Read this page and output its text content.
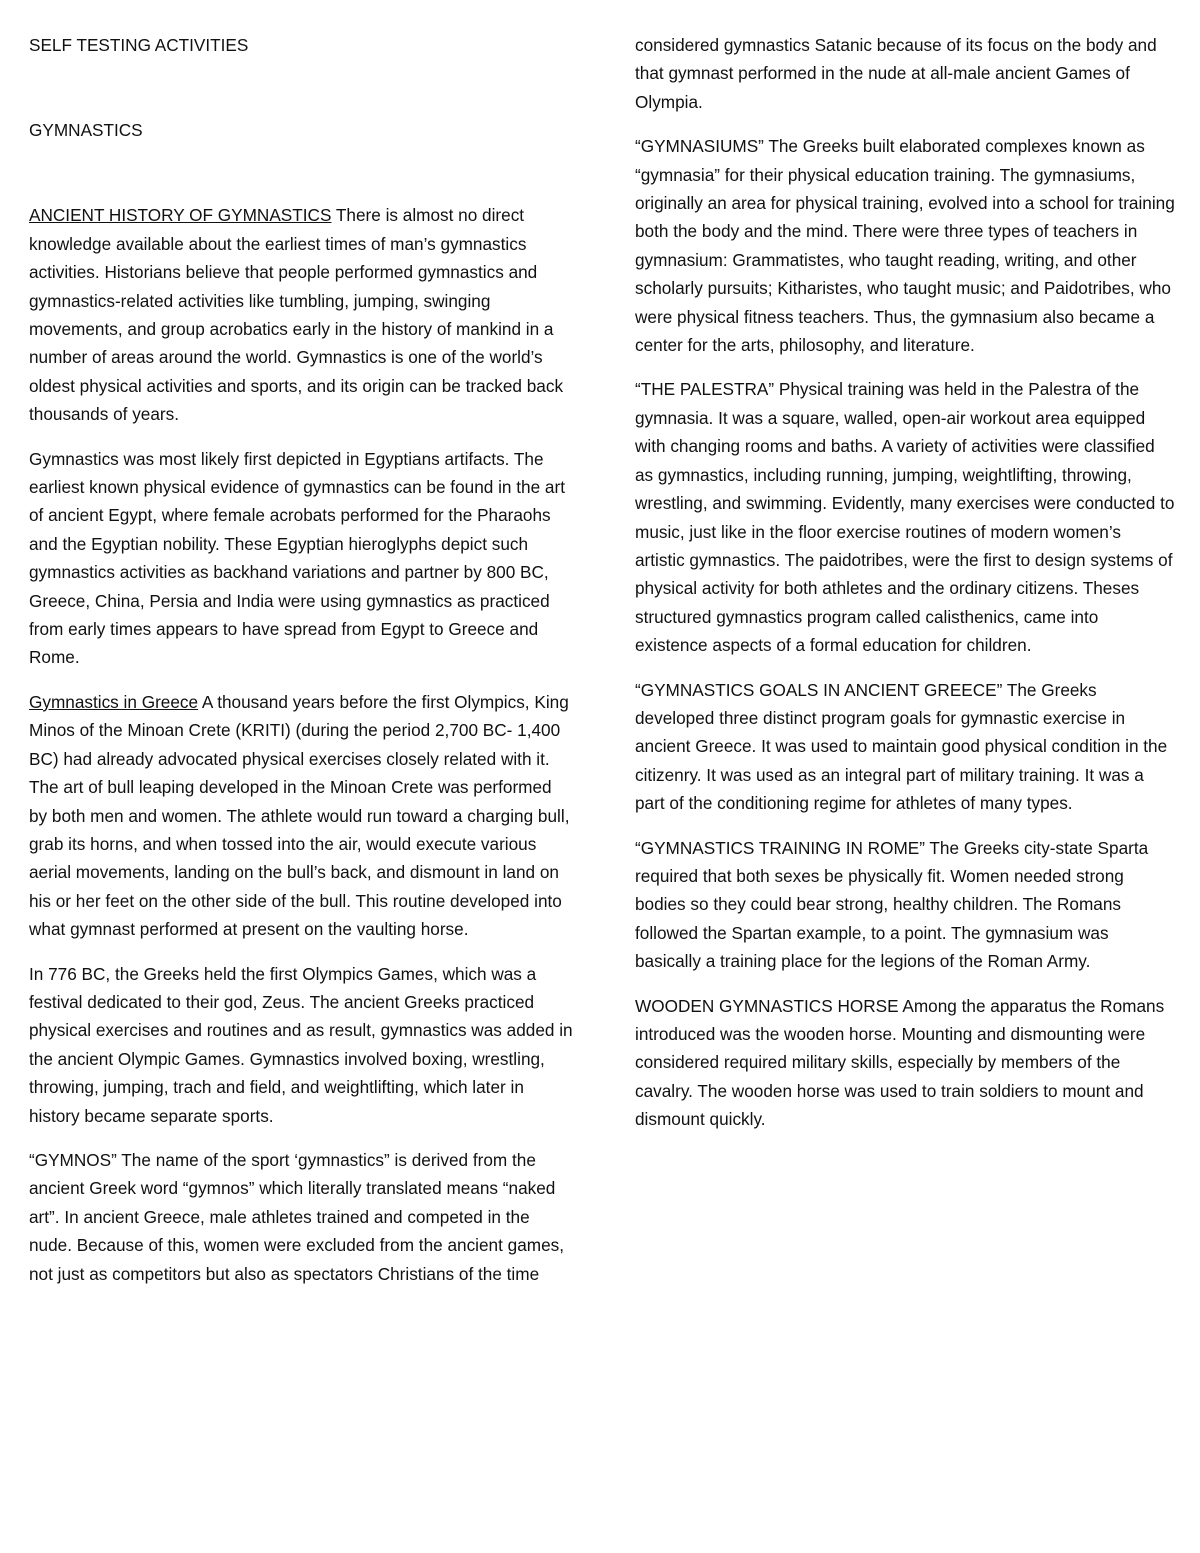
SELF TESTING ACTIVITIES
GYMNASTICS

ANCIENT HISTORY OF GYMNASTICS There is almost no direct knowledge available about the earliest times of man’s gymnastics activities. Historians believe that people performed gymnastics and gymnastics-related activities like tumbling, jumping, swinging movements, and group acrobatics early in the history of mankind in a number of areas around the world. Gymnastics is one of the world’s oldest physical activities and sports, and its origin can be tracked back thousands of years.

Gymnastics was most likely first depicted in Egyptians artifacts. The earliest known physical evidence of gymnastics can be found in the art of ancient Egypt, where female acrobats performed for the Pharaohs and the Egyptian nobility. These Egyptian hieroglyphs depict such gymnastics activities as backhand variations and partner by 800 BC, Greece, China, Persia and India were using gymnastics as practiced from early times appears to have spread from Egypt to Greece and Rome.

Gymnastics in Greece A thousand years before the first Olympics, King Minos of the Minoan Crete (KRITI) (during the period 2,700 BC- 1,400 BC) had already advocated physical exercises closely related with it. The art of bull leaping developed in the Minoan Crete was performed by both men and women. The athlete would run toward a charging bull, grab its horns, and when tossed into the air, would execute various aerial movements, landing on the bull’s back, and dismount in land on his or her feet on the other side of the bull. This routine developed into what gymnast performed at present on the vaulting horse.

In 776 BC, the Greeks held the first Olympics Games, which was a festival dedicated to their god, Zeus. The ancient Greeks practiced physical exercises and routines and as result, gymnastics was added in the ancient Olympic Games. Gymnastics involved boxing, wrestling, throwing, jumping, trach and field, and weightlifting, which later in history became separate sports.

“GYMNOS” The name of the sport ‘gymnastics” is derived from the ancient Greek word “gymnos” which literally translated means “naked art”. In ancient Greece, male athletes trained and competed in the nude. Because of this, women were excluded from the ancient games, not just as competitors but also as spectators Christians of the time

considered gymnastics Satanic because of its focus on the body and that gymnast performed in the nude at all-male ancient Games of Olympia.

“GYMNASIUMS” The Greeks built elaborated complexes known as “gymnasia” for their physical education training. The gymnasiums, originally an area for physical training, evolved into a school for training both the body and the mind. There were three types of teachers in gymnasium: Grammatistes, who taught reading, writing, and other scholarly pursuits; Kitharistes, who taught music; and Paidotribes, who were physical fitness teachers. Thus, the gymnasium also became a center for the arts, philosophy, and literature.

“THE PALESTRA” Physical training was held in the Palestra of the gymnasia. It was a square, walled, open-air workout area equipped with changing rooms and baths. A variety of activities were classified as gymnastics, including running, jumping, weightlifting, throwing, wrestling, and swimming. Evidently, many exercises were conducted to music, just like in the floor exercise routines of modern women’s artistic gymnastics. The paidotribes, were the first to design systems of physical activity for both athletes and the ordinary citizens. Theses structured gymnastics program called calisthenics, came into existence aspects of a formal education for children.

“GYMNASTICS GOALS IN ANCIENT GREECE” The Greeks developed three distinct program goals for gymnastic exercise in ancient Greece. It was used to maintain good physical condition in the citizenry. It was used as an integral part of military training. It was a part of the conditioning regime for athletes of many types.

“GYMNASTICS TRAINING IN ROME” The Greeks city-state Sparta required that both sexes be physically fit. Women needed strong bodies so they could bear strong, healthy children. The Romans followed the Spartan example, to a point. The gymnasium was basically a training place for the legions of the Roman Army.

WOODEN GYMNASTICS HORSE Among the apparatus the Romans introduced was the wooden horse. Mounting and dismounting were considered required military skills, especially by members of the cavalry. The wooden horse was used to train soldiers to mount and dismount quickly.
